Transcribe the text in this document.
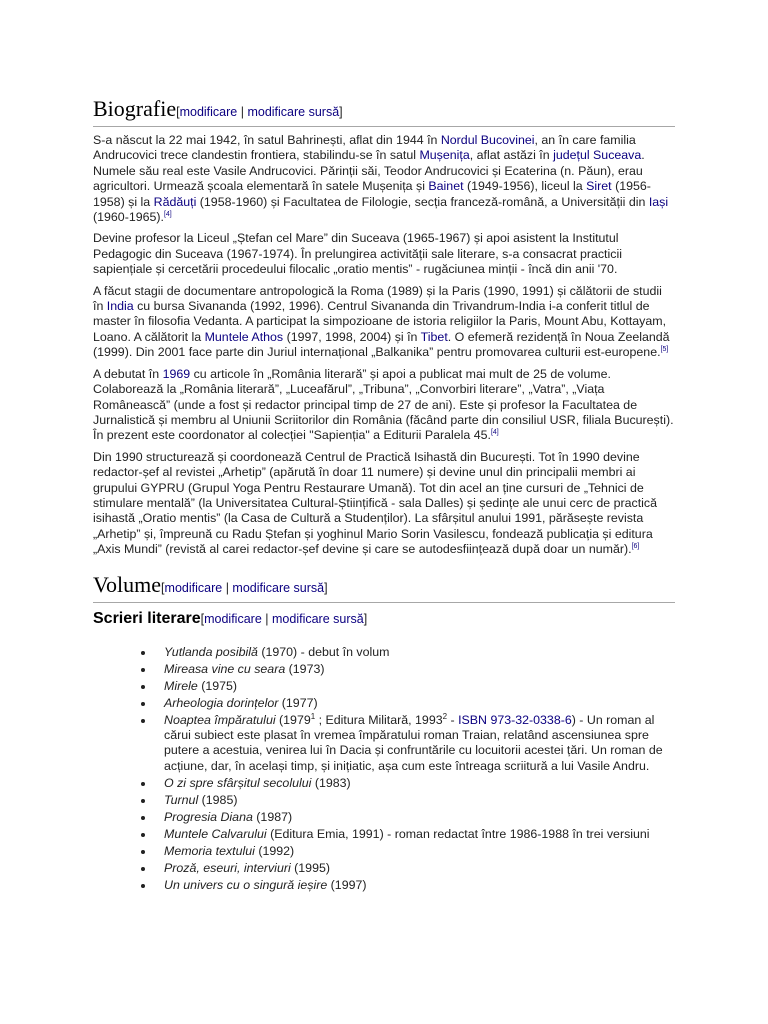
Biografie[modificare | modificare sursă]

S-a născut la 22 mai 1942, în satul Bahrinești, aflat din 1944 în Nordul Bucovinei, an în care familia Andrucovici trece clandestin frontiera, stabilindu-se în satul Mușenița, aflat astăzi în județul Suceava. Numele său real este Vasile Andrucovici. Părinții săi, Teodor Andrucovici și Ecaterina (n. Păun), erau agricultori. Urmează școala elementară în satele Mușenița și Bainet (1949-1956), liceul la Siret (1956-1958) și la Rădăuți (1958-1960) și Facultatea de Filologie, secția franceză-română, a Universității din Iași (1960-1965).[4]

Devine profesor la Liceul „Ștefan cel Mare” din Suceava (1965-1967) și apoi asistent la Institutul Pedagogic din Suceava (1967-1974). În prelungirea activității sale literare, s-a consacrat practicii sapiențiale și cercetării procedeului filocalic „oratio mentis” - rugăciunea minții - încă din anii '70.

A făcut stagii de documentare antropologică la Roma (1989) și la Paris (1990, 1991) și călătorii de studii în India cu bursa Sivananda (1992, 1996). Centrul Sivananda din Trivandrum-India i-a conferit titlul de master în filosofia Vedanta. A participat la simpozioane de istoria religiilor la Paris, Mount Abu, Kottayam, Loano. A călătorit la Muntele Athos (1997, 1998, 2004) și în Tibet. O efemeră rezidență în Noua Zeelandă (1999). Din 2001 face parte din Juriul internațional „Balkanika” pentru promovarea culturii est-europene.[5]

A debutat în 1969 cu articole în „România literară” și apoi a publicat mai mult de 25 de volume. Colaborează la „România literară”, „Luceafărul”, „Tribuna”, „Convorbiri literare”, „Vatra”, „Viața Românească” (unde a fost și redactor principal timp de 27 de ani). Este și profesor la Facultatea de Jurnalistică și membru al Uniunii Scriitorilor din România (făcând parte din consiliul USR, filiala București). În prezent este coordonator al colecției "Sapiențiа" a Editurii Paralela 45.[4]

Din 1990 structurează și coordonează Centrul de Practică Isihastă din București. Tot în 1990 devine redactor-șef al revistei „Arhetip” (apărută în doar 11 numere) și devine unul din principalii membri ai grupului GYPRU (Grupul Yoga Pentru Restaurare Umană). Tot din acel an ține cursuri de „Tehnici de stimulare mentală” (la Universitatea Cultural-Științifică - sala Dalles) și ședințe ale unui cerc de practică isihastă „Oratio mentis” (la Casa de Cultură a Studenților). La sfârșitul anului 1991, părăsește revista „Arhetip” și, împreună cu Radu Ștefan și yoghinul Mario Sorin Vasilescu, fondează publicația și editura „Axis Mundi” (revistă al carei redactor-șef devine și care se autodesființează după doar un număr).[6]

Volume[modificare | modificare sursă]
Scrieri literare[modificare | modificare sursă]
Yutlanda posibilă (1970) - debut în volum
Mireasa vine cu seara (1973)
Mirele (1975)
Arheologia dorințelor (1977)
Noaptea împăratului (1979$^1$ ; Editura Militară, 1993$^2$ - ISBN 973-32-0338-6) - Un roman al cărui subiect este plasat în vremea împăratului roman Traian, relatând ascensiunea spre putere a acestuia, venirea lui în Dacia și confruntările cu locuitorii acestei țări. Un roman de acțiune, dar, în același timp, și inițiatic, așa cum este întreaga scriitură a lui Vasile Andru.
O zi spre sfârșitul secolului (1983)
Turnul (1985)
Progresia Diana (1987)
Muntele Calvarului (Editura Emia, 1991) - roman redactat între 1986-1988 în trei versiuni
Memoria textului (1992)
Proză, eseuri, interviuri (1995)
Un univers cu o singură ieșire (1997)
